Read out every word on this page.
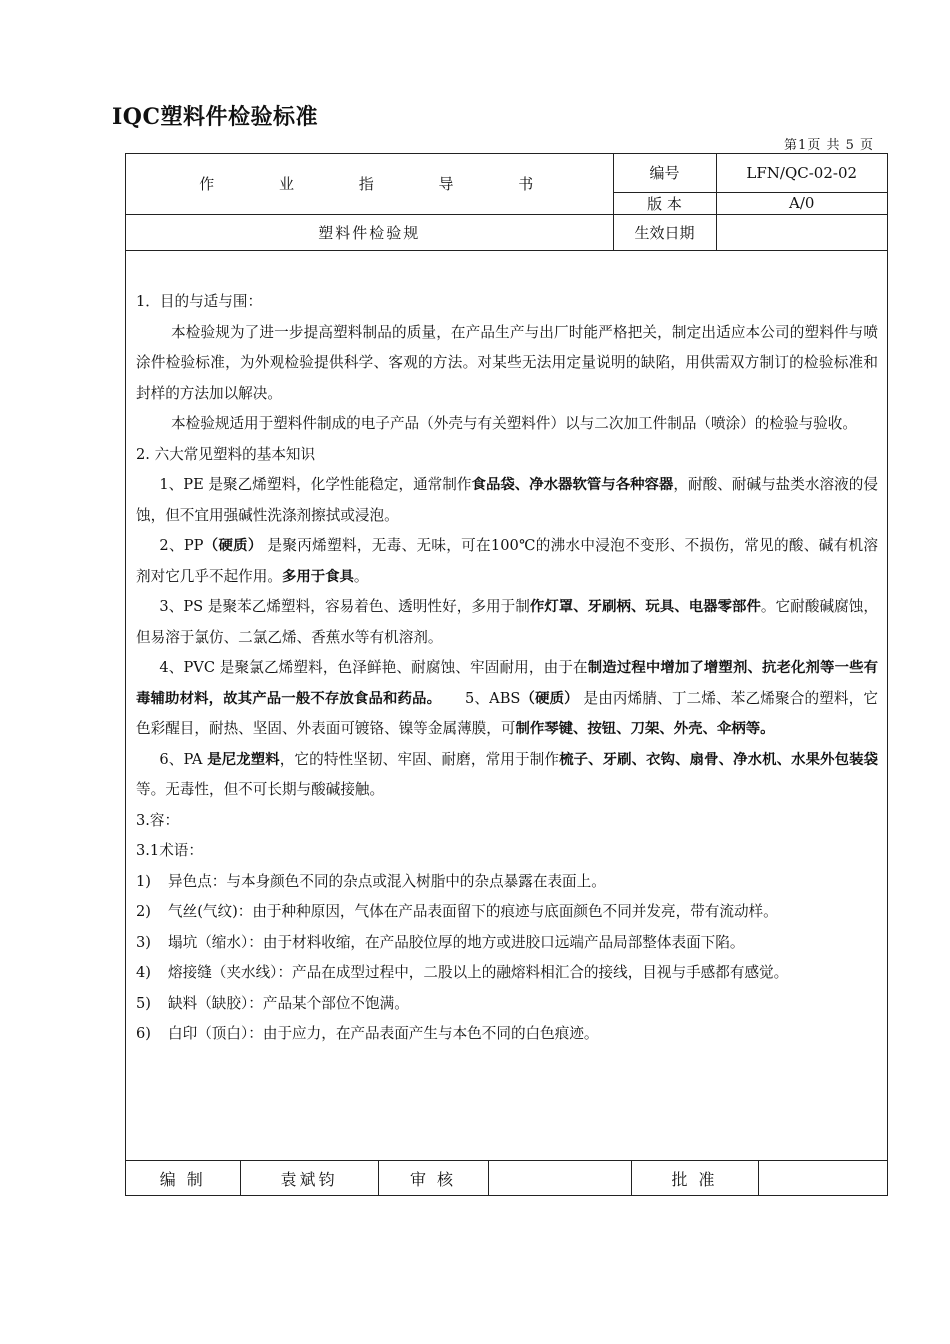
IQC塑料件检验标准
第1页 共 5 页
作 业 指 导 书	编号	LFN/QC-02-02
	版 本	A/0
塑料件检验规	生效日期	

1．目的与适与围：

本检验规为了进一步提高塑料制品的质量，在产品生产与出厂时能严格把关，制定出适应本公司的塑料件与喷涂件检验标准，为外观检验提供科学、客观的方法。对某些无法用定量说明的缺陷，用供需双方制订的检验标准和封样的方法加以解决。

本检验规适用于塑料件制成的电子产品（外壳与有关塑料件）以与二次加工件制品（喷涂）的检验与验收。

2. 六大常见塑料的基本知识

1、PE 是聚乙烯塑料，化学性能稳定，通常制作食品袋、净水器软管与各种容器，耐酸、耐碱与盐类水溶液的侵蚀，但不宜用强碱性洗涤剂擦拭或浸泡。

2、PP（硬质） 是聚丙烯塑料，无毒、无味，可在100℃的沸水中浸泡不变形、不损伤，常见的酸、碱有机溶剂对它几乎不起作用。多用于食具。

3、PS 是聚苯乙烯塑料，容易着色、透明性好，多用于制作灯罩、牙刷柄、玩具、电器零部件。它耐酸碱腐蚀，但易溶于氯仿、二氯乙烯、香蕉水等有机溶剂。

4、PVC 是聚氯乙烯塑料，色泽鲜艳、耐腐蚀、牢固耐用，由于在制造过程中增加了增塑剂、抗老化剂等一些有毒辅助材料，故其产品一般不存放食品和药品。     5、ABS（硬质） 是由丙烯腈、丁二烯、苯乙烯聚合的塑料，它色彩醒目，耐热、坚固、外表面可镀铬、镍等金属薄膜，可制作琴键、按钮、刀架、外壳、伞柄等。

6、PA 是尼龙塑料，它的特性坚韧、牢固、耐磨，常用于制作梳子、牙刷、衣钩、扇骨、净水机、水果外包装袋等。无毒性，但不可长期与酸碱接触。

3.容：

3.1术语：

1)	异色点：与本身颜色不同的杂点或混入树脂中的杂点暴露在表面上。
2)	气丝(气纹)：由于种种原因，气体在产品表面留下的痕迹与底面颜色不同并发亮，带有流动样。
3)	塌坑（缩水）：由于材料收缩，在产品胶位厚的地方或进胶口远端产品局部整体表面下陷。
4)	熔接缝（夹水线）：产品在成型过程中，二股以上的融熔料相汇合的接线，目视与手感都有感觉。
5)	缺料（缺胶）：产品某个部位不饱满。
6)	白印（顶白）：由于应力，在产品表面产生与本色不同的白色痕迹。
编 制	袁斌钧	审 核		批 准	
